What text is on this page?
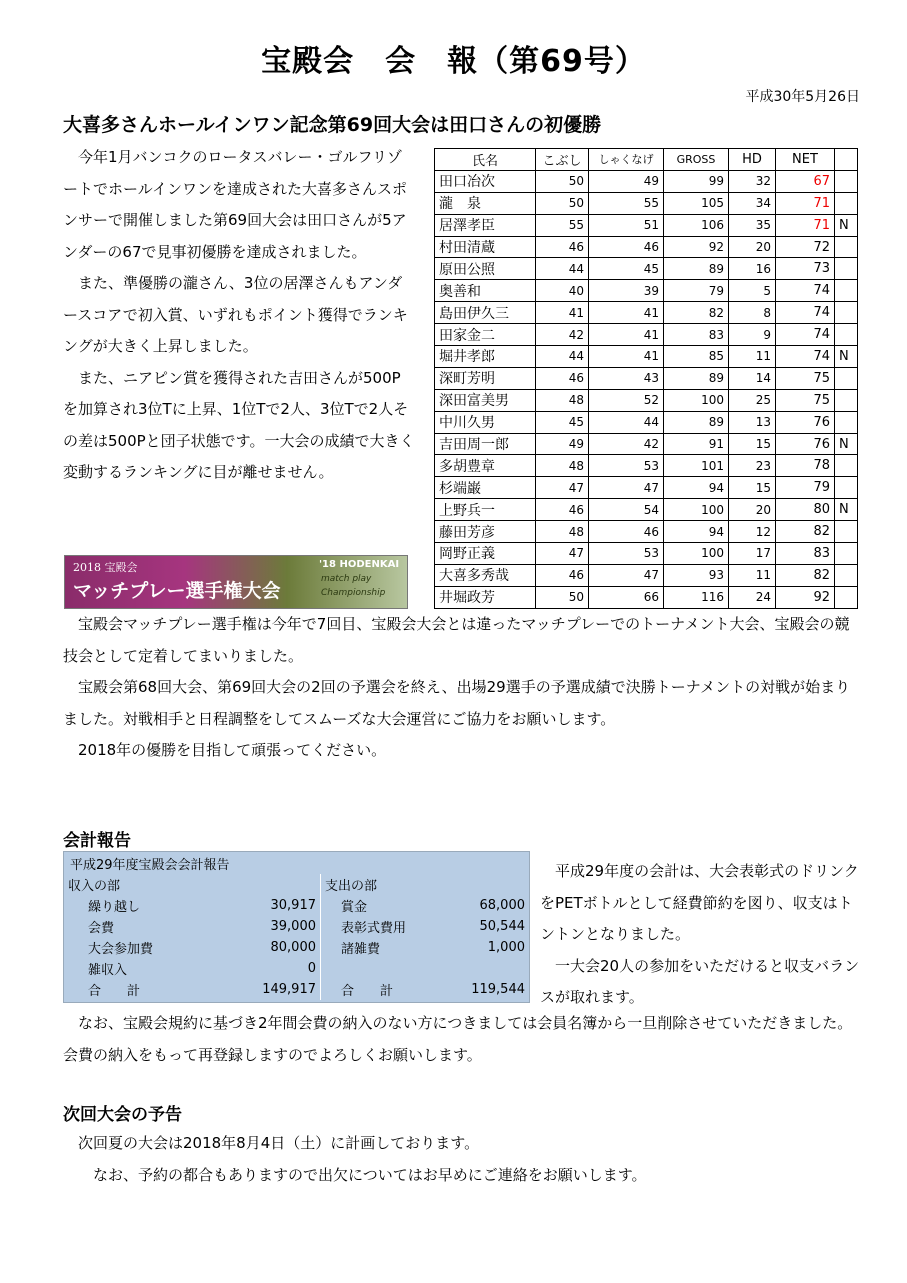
宝殿会　会　報（第69号）
平成30年5月26日
大喜多さんホールインワン記念第69回大会は田口さんの初優勝
　今年1月バンコクのロータスバレー・ゴルフリゾートでホールインワンを達成された大喜多さんスポンサーで開催しました第69回大会は田口さんが5アンダーの67で見事初優勝を達成されました。
　また、準優勝の瀧さん、3位の居澤さんもアンダースコアで初入賞、いずれもポイント獲得でランキングが大きく上昇しました。
　また、ニアピン賞を獲得された吉田さんが500Pを加算され3位Tに上昇、1位Tで2人、3位Tで2人その差は500Pと団子状態です。一大会の成績で大きく変動するランキングに目が離せません。
2018 宝殿会
マッチプレー選手権大会
'18 HODENKAI
match play
Championship
　宝殿会マッチプレー選手権は今年で7回目、宝殿会大会とは違ったマッチプレーでのトーナメント大会、宝殿会の競技会として定着してまいりました。
　宝殿会第68回大会、第69回大会の2回の予選会を終え、出場29選手の予選成績で決勝トーナメントの対戦が始まりました。対戦相手と日程調整をしてスムーズな大会運営にご協力をお願いします。
　2018年の優勝を目指して頑張ってください。
氏名	こぶし	しゃくなげ	GROSS	HD	NET	
田口冶次	50	49	99	32	67	
瀧　泉	50	55	105	34	71	
居澤孝臣	55	51	106	35	71	N
村田清蔵	46	46	92	20	72	
原田公照	44	45	89	16	73	
奥善和	40	39	79	5	74	
島田伊久三	41	41	82	8	74	
田家金二	42	41	83	9	74	
堀井孝郎	44	41	85	11	74	N
深町芳明	46	43	89	14	75	
深田富美男	48	52	100	25	75	
中川久男	45	44	89	13	76	
吉田周一郎	49	42	91	15	76	N
多胡豊章	48	53	101	23	78	
杉端巌	47	47	94	15	79	
上野兵一	46	54	100	20	80	N
藤田芳彦	48	46	94	12	82	
岡野正義	47	53	100	17	83	
大喜多秀哉	46	47	93	11	82	
井堀政芳	50	66	116	24	92	
会計報告
平成29年度宝殿会会計報告
収入の部		支出の部	
繰り越し	30,917	賞金	68,000
会費	39,000	表彰式費用	50,544
大会参加費	80,000	諸雑費	1,000
雑収入	0		
合　　計	149,917	合　　計	119,544
　平成29年度の会計は、大会表彰式のドリンクをPETボトルとして経費節約を図り、収支はトントンとなりました。
　一大会20人の参加をいただけると収支バランスが取れます。
　なお、宝殿会規約に基づき2年間会費の納入のない方につきましては会員名簿から一旦削除させていただきました。会費の納入をもって再登録しますのでよろしくお願いします。
次回大会の予告
　次回夏の大会は2018年8月4日（土）に計画しております。
　　なお、予約の都合もありますので出欠についてはお早めにご連絡をお願いします。
